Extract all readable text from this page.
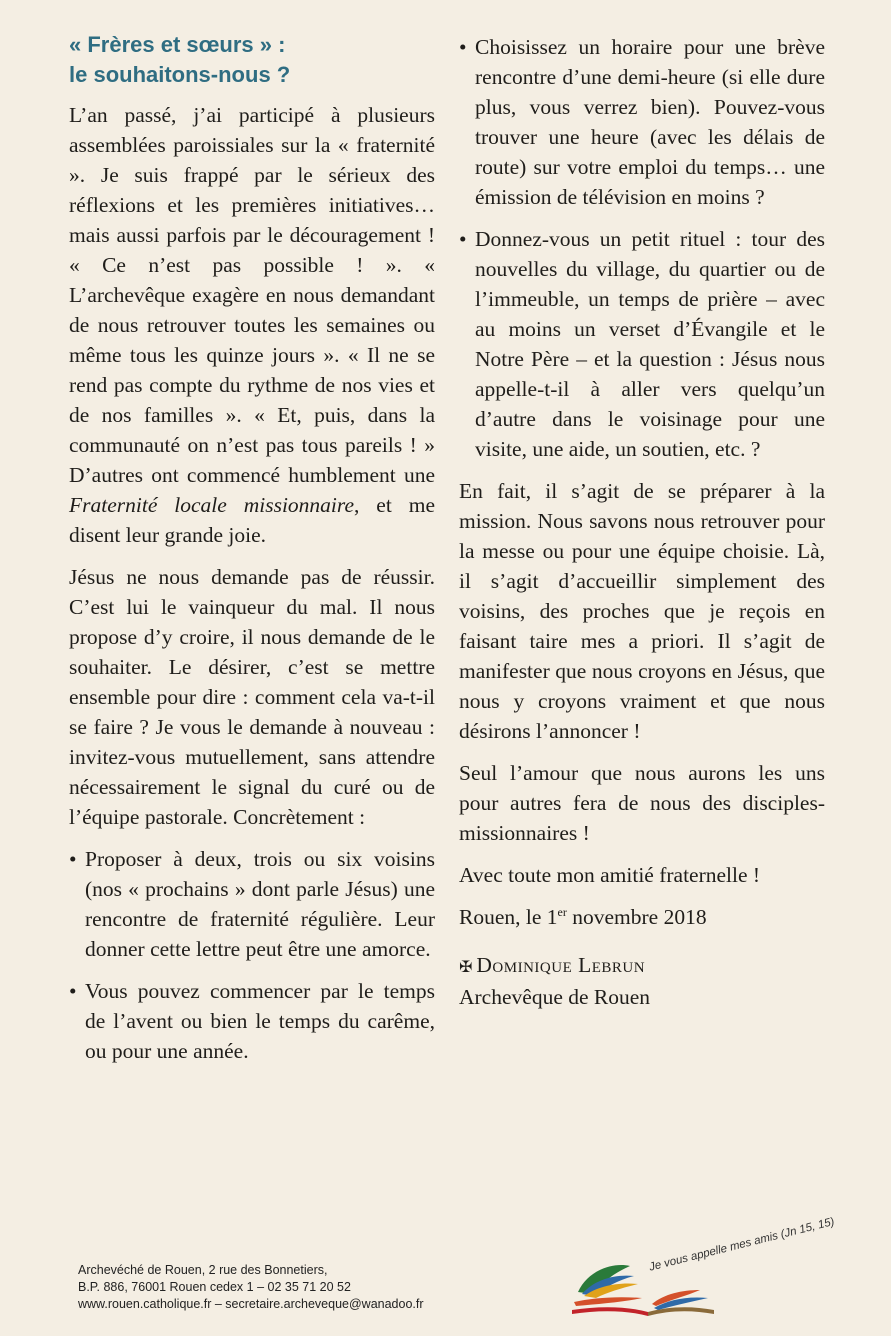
« Frères et sœurs » :
le souhaitons-nous ?

L’an passé, j’ai participé à plusieurs assemblées paroissiales sur la « fraternité ». Je suis frappé par le sérieux des réflexions et les premières initiatives… mais aussi parfois par le découragement ! « Ce n’est pas possible ! ». « L’archevêque exagère en nous demandant de nous retrouver toutes les semaines ou même tous les quinze jours ». « Il ne se rend pas compte du rythme de nos vies et de nos familles ». « Et, puis, dans la communauté on n’est pas tous pareils ! » D’autres ont commencé humblement une Fraternité locale missionnaire, et me disent leur grande joie.

Jésus ne nous demande pas de réussir. C’est lui le vainqueur du mal. Il nous propose d’y croire, il nous demande de le souhaiter. Le désirer, c’est se mettre ensemble pour dire : comment cela va-t-il se faire ? Je vous le demande à nouveau : invitez-vous mutuellement, sans attendre nécessairement le signal du curé ou de l’équipe pastorale. Concrètement :

• Proposer à deux, trois ou six voisins (nos « prochains » dont parle Jésus) une rencontre de fraternité régulière. Leur donner cette lettre peut être une amorce.

• Vous pouvez commencer par le temps de l’avent ou bien le temps du carême, ou pour une année.

• Choisissez un horaire pour une brève rencontre d’une demi-heure (si elle dure plus, vous verrez bien). Pouvez-vous trouver une heure (avec les délais de route) sur votre emploi du temps… une émission de télévision en moins ?

• Donnez-vous un petit rituel : tour des nouvelles du village, du quartier ou de l’immeuble, un temps de prière – avec au moins un verset d’Évangile et le Notre Père – et la question : Jésus nous appelle-t-il à aller vers quelqu’un d’autre dans le voisinage pour une visite, une aide, un soutien, etc. ?

En fait, il s’agit de se préparer à la mission. Nous savons nous retrouver pour la messe ou pour une équipe choisie. Là, il s’agit d’accueillir simplement des voisins, des proches que je reçois en faisant taire mes a priori. Il s’agit de manifester que nous croyons en Jésus, que nous y croyons vraiment et que nous désirons l’annoncer !

Seul l’amour que nous aurons les uns pour autres fera de nous des disciples-missionnaires !

Avec toute mon amitié fraternelle !

Rouen, le 1er novembre 2018

✠ Dominique Lebrun
Archevêque de Rouen
Archevéché de Rouen, 2 rue des Bonnetiers,
B.P. 886, 76001 Rouen cedex 1 – 02 35 71 20 52
www.rouen.catholique.fr – secretaire.archeveque@wanadoo.fr
Je vous appelle mes amis (Jn 15, 15)
